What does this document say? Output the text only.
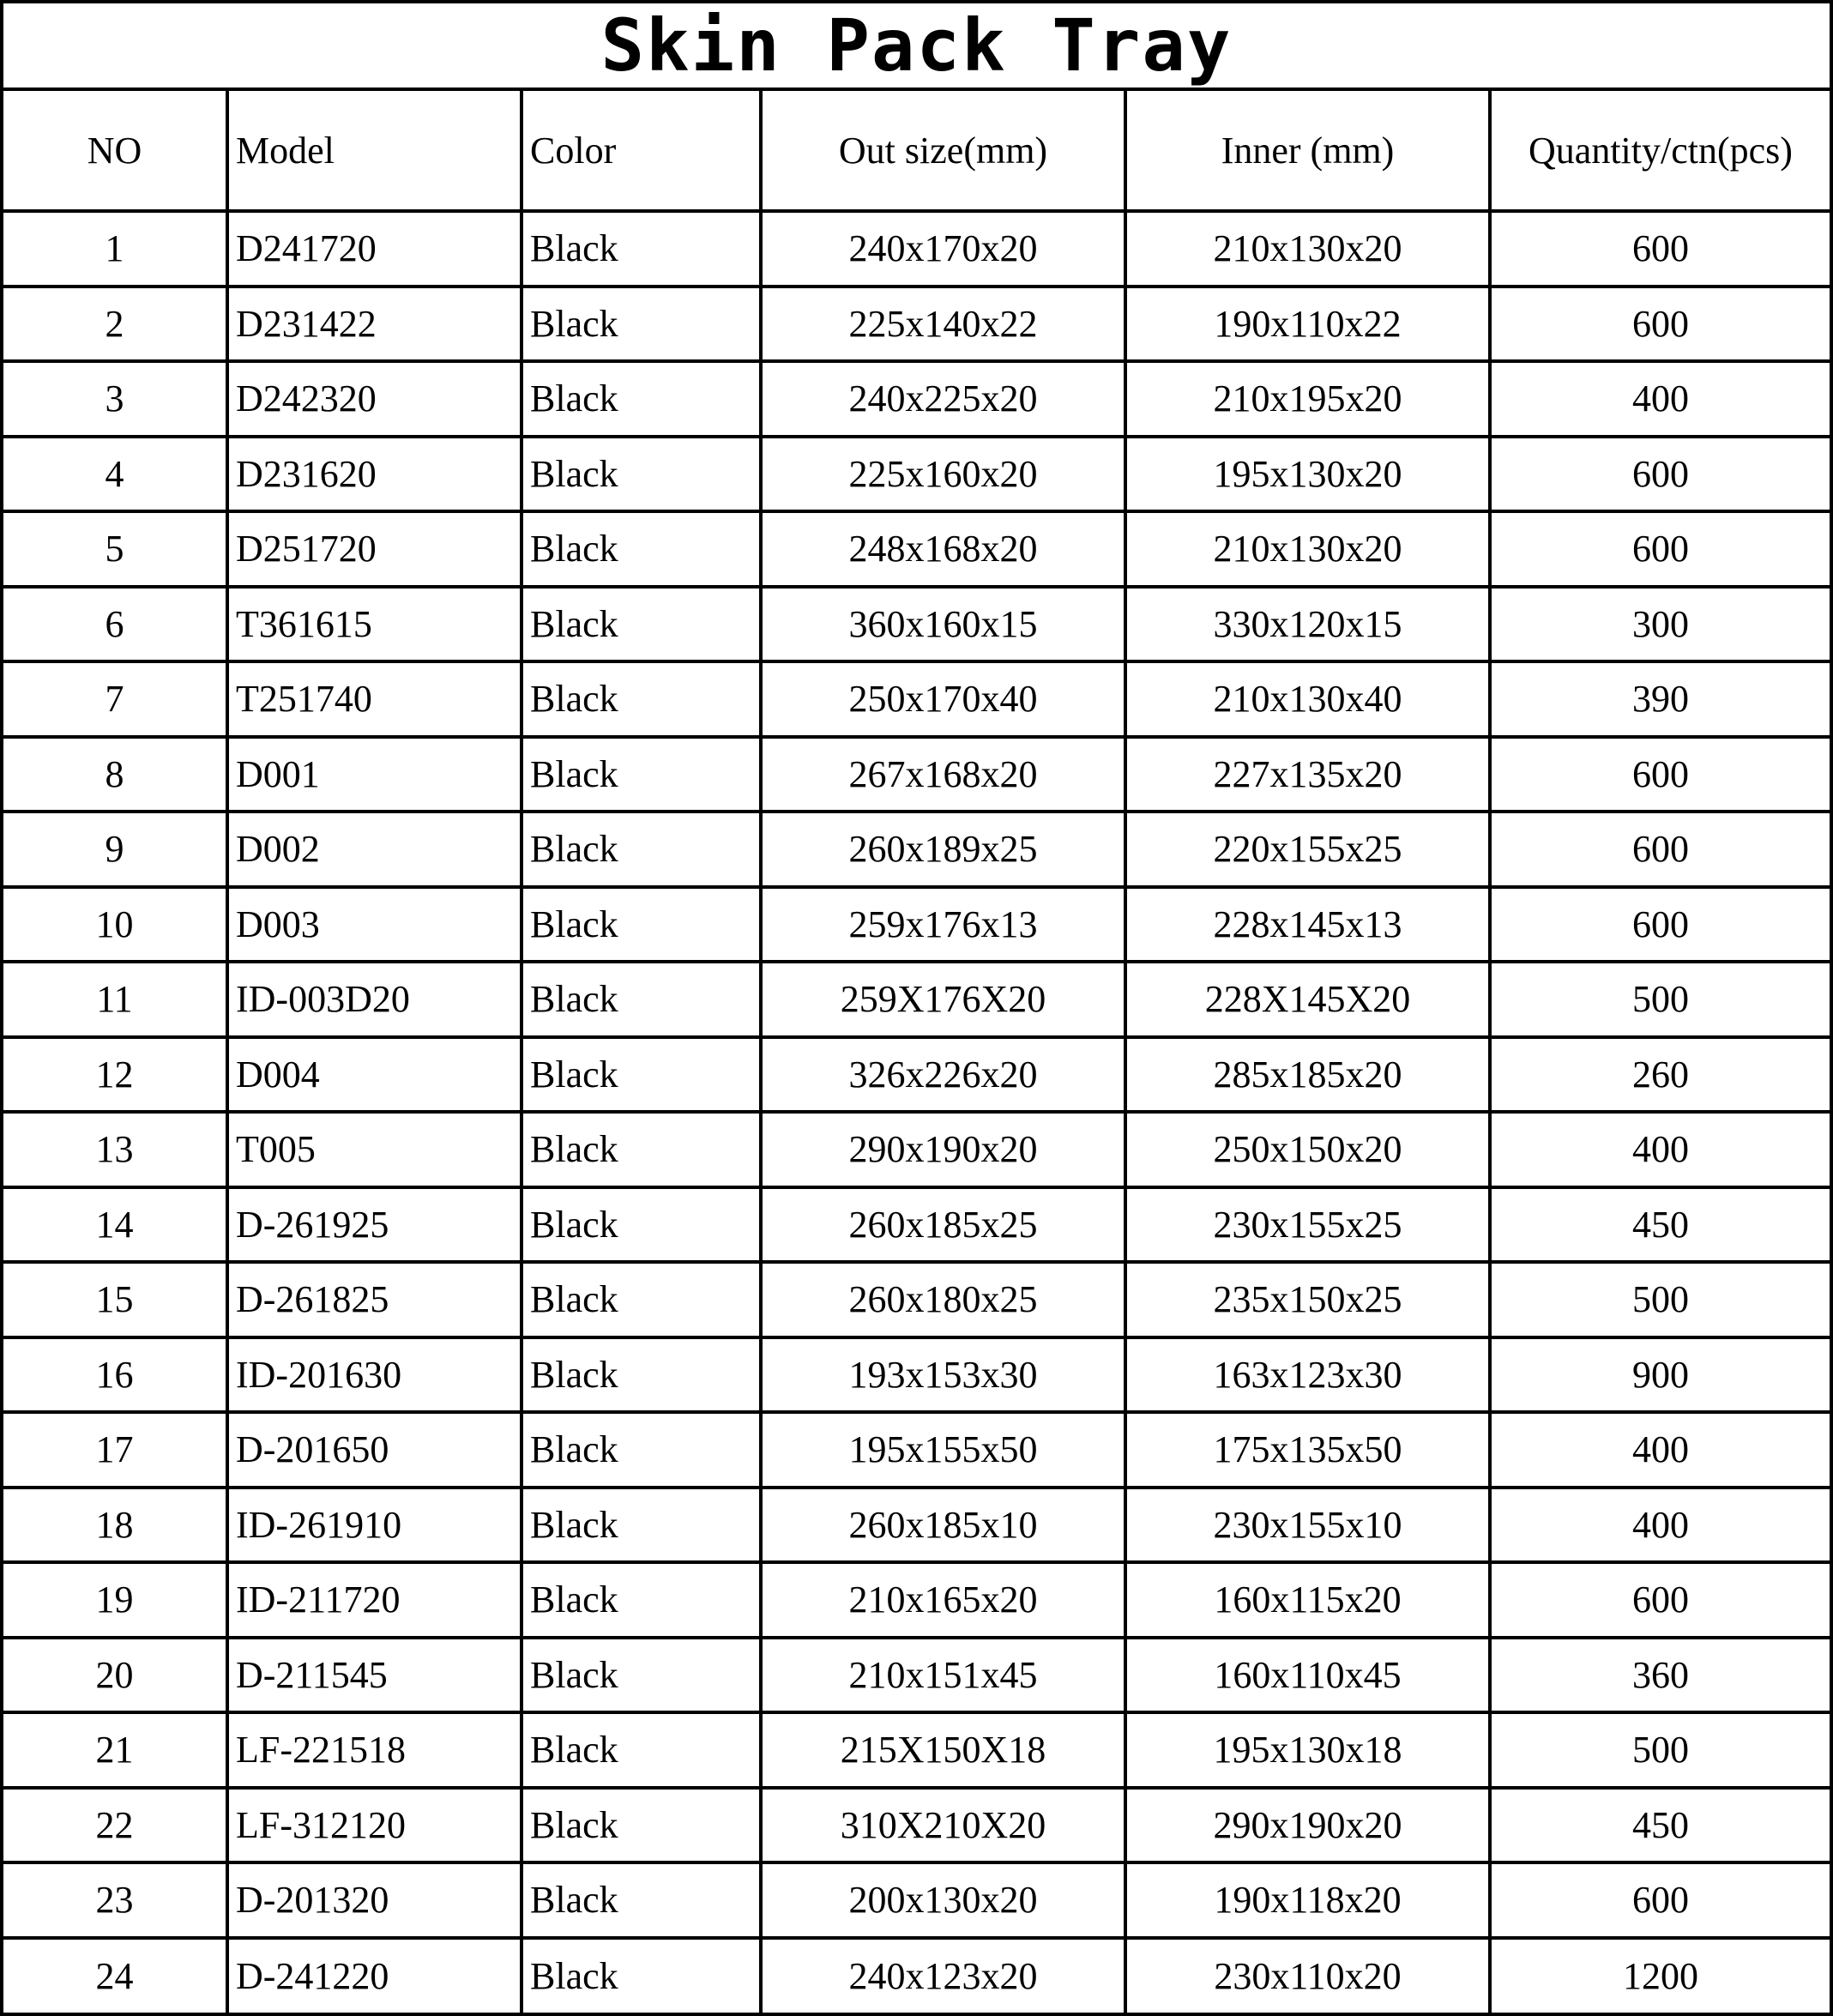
Skin Pack Tray
NO	Model	Color	Out size(mm)	Inner (mm)	Quantity/ctn(pcs)
1	D241720	Black	240x170x20	210x130x20	600
2	D231422	Black	225x140x22	190x110x22	600
3	D242320	Black	240x225x20	210x195x20	400
4	D231620	Black	225x160x20	195x130x20	600
5	D251720	Black	248x168x20	210x130x20	600
6	T361615	Black	360x160x15	330x120x15	300
7	T251740	Black	250x170x40	210x130x40	390
8	D001	Black	267x168x20	227x135x20	600
9	D002	Black	260x189x25	220x155x25	600
10	D003	Black	259x176x13	228x145x13	600
11	ID-003D20	Black	259X176X20	228X145X20	500
12	D004	Black	326x226x20	285x185x20	260
13	T005	Black	290x190x20	250x150x20	400
14	D-261925	Black	260x185x25	230x155x25	450
15	D-261825	Black	260x180x25	235x150x25	500
16	ID-201630	Black	193x153x30	163x123x30	900
17	D-201650	Black	195x155x50	175x135x50	400
18	ID-261910	Black	260x185x10	230x155x10	400
19	ID-211720	Black	210x165x20	160x115x20	600
20	D-211545	Black	210x151x45	160x110x45	360
21	LF-221518	Black	215X150X18	195x130x18	500
22	LF-312120	Black	310X210X20	290x190x20	450
23	D-201320	Black	200x130x20	190x118x20	600
24	D-241220	Black	240x123x20	230x110x20	1200
